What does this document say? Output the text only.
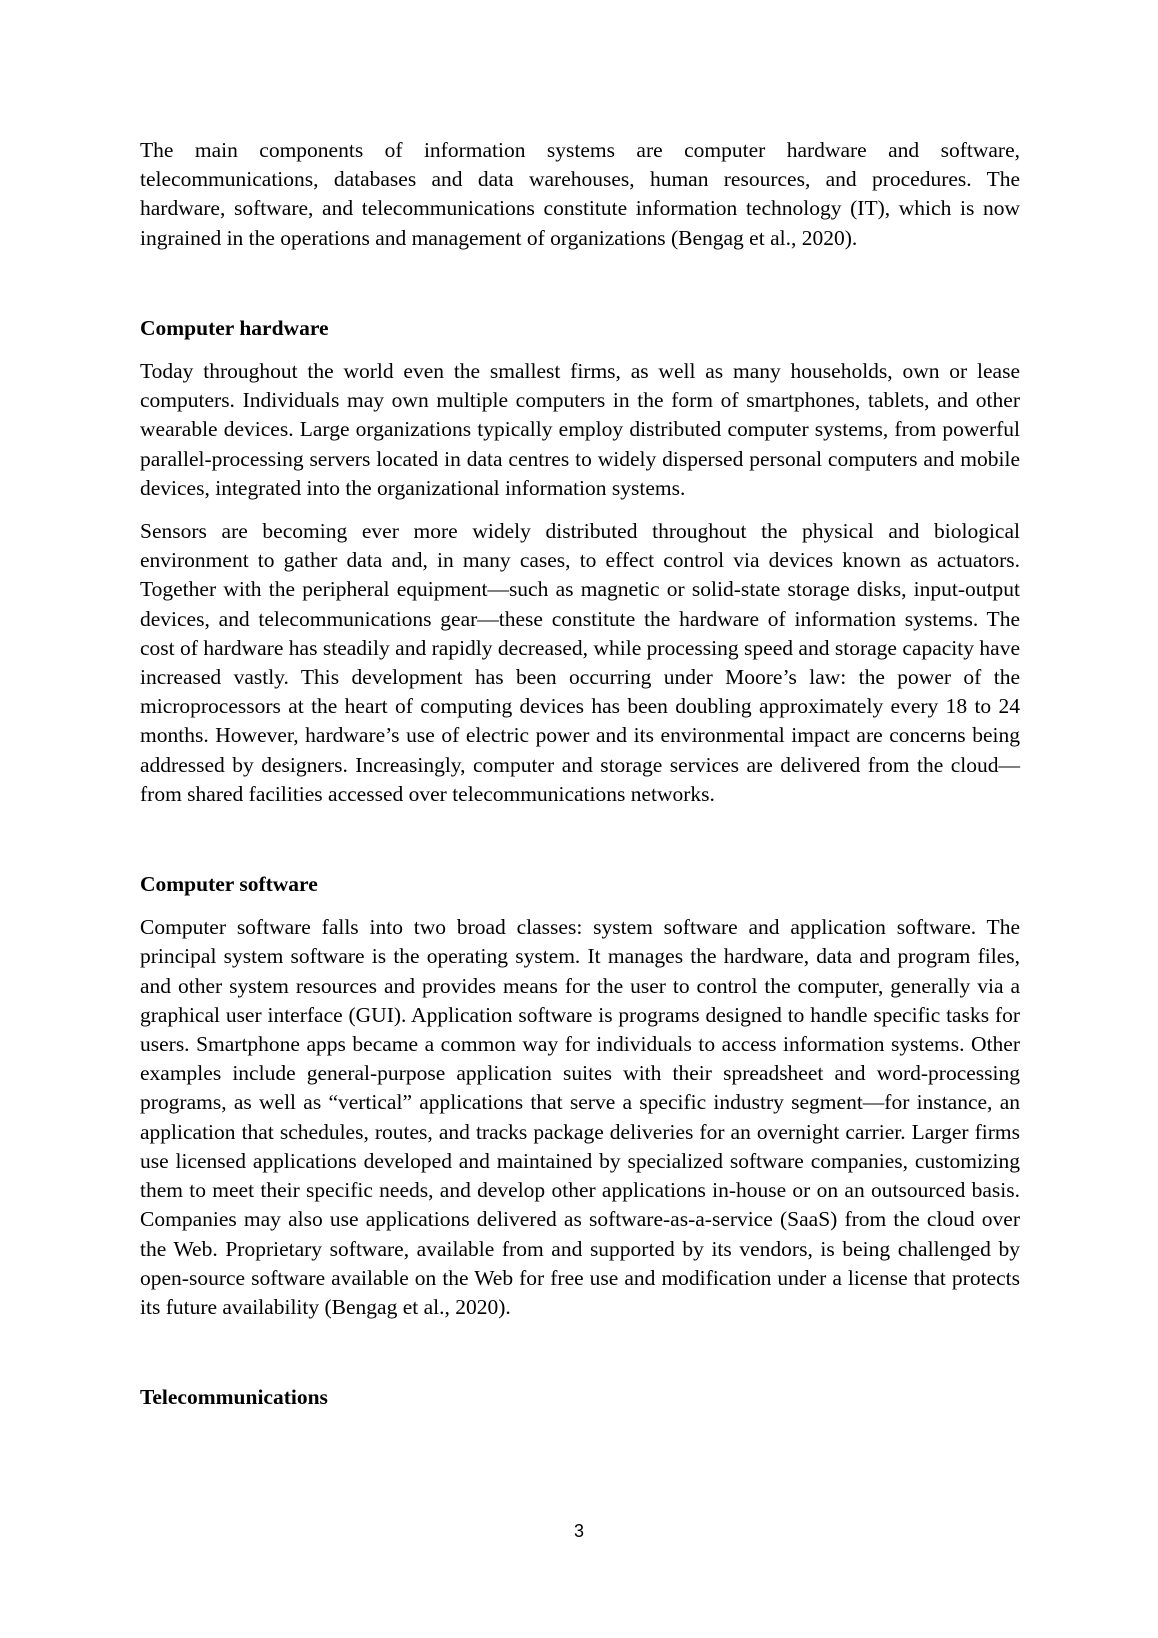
The main components of information systems are computer hardware and software, telecommunications, databases and data warehouses, human resources, and procedures. The hardware, software, and telecommunications constitute information technology (IT), which is now ingrained in the operations and management of organizations (Bengag et al., 2020).

Computer hardware

Today throughout the world even the smallest firms, as well as many households, own or lease computers. Individuals may own multiple computers in the form of smartphones, tablets, and other wearable devices. Large organizations typically employ distributed computer systems, from powerful parallel-processing servers located in data centres to widely dispersed personal computers and mobile devices, integrated into the organizational information systems.

Sensors are becoming ever more widely distributed throughout the physical and biological environment to gather data and, in many cases, to effect control via devices known as actuators. Together with the peripheral equipment—such as magnetic or solid-state storage disks, input-output devices, and telecommunications gear—these constitute the hardware of information systems. The cost of hardware has steadily and rapidly decreased, while processing speed and storage capacity have increased vastly. This development has been occurring under Moore’s law: the power of the microprocessors at the heart of computing devices has been doubling approximately every 18 to 24 months. However, hardware’s use of electric power and its environmental impact are concerns being addressed by designers. Increasingly, computer and storage services are delivered from the cloud—from shared facilities accessed over telecommunications networks.

Computer software

Computer software falls into two broad classes: system software and application software. The principal system software is the operating system. It manages the hardware, data and program files, and other system resources and provides means for the user to control the computer, generally via a graphical user interface (GUI). Application software is programs designed to handle specific tasks for users. Smartphone apps became a common way for individuals to access information systems. Other examples include general-purpose application suites with their spreadsheet and word-processing programs, as well as “vertical” applications that serve a specific industry segment—for instance, an application that schedules, routes, and tracks package deliveries for an overnight carrier. Larger firms use licensed applications developed and maintained by specialized software companies, customizing them to meet their specific needs, and develop other applications in-house or on an outsourced basis. Companies may also use applications delivered as software-as-a-service (SaaS) from the cloud over the Web. Proprietary software, available from and supported by its vendors, is being challenged by open-source software available on the Web for free use and modification under a license that protects its future availability (Bengag et al., 2020).

Telecommunications
3
